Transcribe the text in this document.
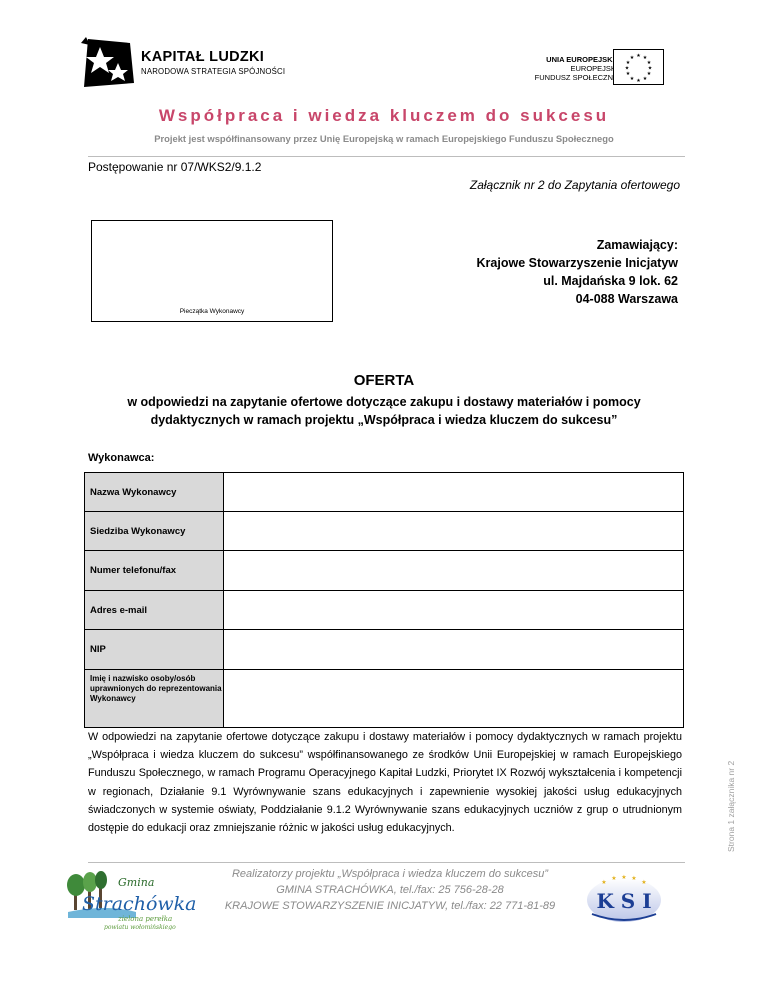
KAPITAŁ LUDZKI
NARODOWA STRATEGIA SPÓJNOŚCI
UNIA EUROPEJSKA
EUROPEJSKI
FUNDUSZ SPOŁECZNY
★ ★
★
★
★
★
★
★
★
★
★
★
Współpraca i wiedza kluczem do sukcesu
Projekt jest współfinansowany przez Unię Europejską w ramach Europejskiego Funduszu Społecznego
Postępowanie nr 07/WKS2/9.1.2
Załącznik nr 2 do Zapytania ofertowego
Pieczątka Wykonawcy
Zamawiający:
Krajowe Stowarzyszenie Inicjatyw
ul. Majdańska 9 lok. 62
04-088 Warszawa
OFERTA
w odpowiedzi na zapytanie ofertowe dotyczące zakupu i dostawy materiałów i pomocy
dydaktycznych w ramach projektu „Współpraca i wiedza kluczem do sukcesu”
Wykonawca:
Nazwa Wykonawcy	
Siedziba Wykonawcy	
Numer telefonu/fax	
Adres e-mail	
NIP	
Imię i nazwisko osoby/osób uprawnionych do reprezentowania Wykonawcy	
W odpowiedzi na zapytanie ofertowe dotyczące zakupu i dostawy materiałów i pomocy dydaktycznych w ramach projektu „Współpraca i wiedza kluczem do sukcesu” współfinansowanego ze środków Unii Europejskiej w ramach Europejskiego Funduszu Społecznego, w ramach Programu Operacyjnego Kapitał Ludzki, Priorytet IX Rozwój wykształcenia i kompetencji w regionach, Działanie 9.1 Wyrównywanie szans edukacyjnych i zapewnienie wysokiej jakości usług edukacyjnych świadczonych w systemie oświaty, Poddziałanie 9.1.2 Wyrównywanie szans edukacyjnych uczniów z grup o utrudnionym dostępie do edukacji oraz zmniejszanie różnic w jakości usług edukacyjnych.
Gmina
Strachówka
zielona perełka
powiatu wołomińskiego
Realizatorzy projektu „Współpraca i wiedza kluczem do sukcesu”
GMINA STRACHÓWKA, tel./fax: 25 756-28-28
KRAJOWE STOWARZYSZENIE INICJATYW, tel./fax: 22 771-81-89
★
★ ★ ★
★
K S I
Strona 1 załącznika nr 2
